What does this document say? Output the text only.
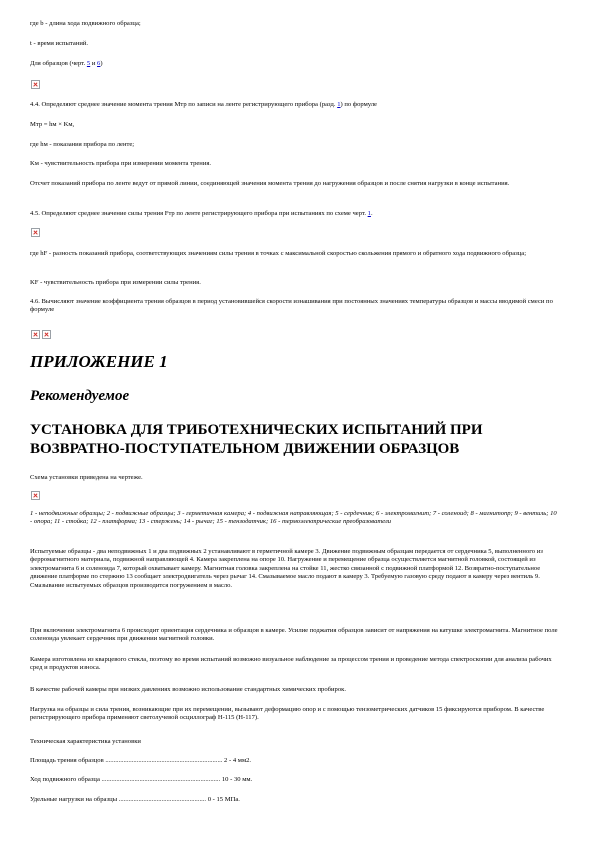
где b - длина хода подвижного образца;
t - время испытаний.
Для образцов (черт. 5 и 6)
4.4. Определяют среднее значение момента трения Mтр по записи на ленте регистрирующего прибора (разд. 1) по формуле
Mтр = hм × Kм,
где hм - показания прибора по ленте;
Kм - чувствительность прибора при измерении момента трения.
Отсчет показаний прибора по ленте ведут от прямой линии, соединяющей значения момента трения до нагружения образцов и после снятия нагрузки в конце испытания.
4.5. Определяют среднее значение силы трения Fтр по ленте регистрирующего прибора при испытаниях по схеме черт. 1.
где hF - разность показаний прибора, соответствующих значениям силы трения в точках с максимальной скоростью скольжения прямого и обратного хода подвижного образца;
KF - чувствительность прибора при измерении силы трения.
4.6. Вычисляют значение коэффициента трения образцов в период установившейся скорости изнашивания при постоянных значениях температуры образцов и массы вводимой смеси по формуле
ПРИЛОЖЕНИЕ 1
Рекомендуемое
УСТАНОВКА ДЛЯ ТРИБОТЕХНИЧЕСКИХ ИСПЫТАНИЙ ПРИ ВОЗВРАТНО-ПОСТУПАТЕЛЬНОМ ДВИЖЕНИИ ОБРАЗЦОВ
Схема установки приведена на чертеже.
1 - неподвижные образцы; 2 - подвижные образцы; 3 - герметичная камера; 4 - подвижная направляющая; 5 - сердечник; 6 - электромагнит; 7 - соленоид; 8 - магнитопр; 9 - вентиль; 10 - опора; 11 - стойка; 12 - платформа; 13 - стержень; 14 - рычаг; 15 - тензодатчик; 16 - термоэлектрические преобразователи
Испытуемые образцы - два неподвижных 1 и два подвижных 2 устанавливают в герметичной камере 3. Движение подвижным образцам передается от сердечника 5, выполненного из ферромагнитного материала, подвижной направляющей 4. Камера закреплена на опоре 10. Нагружение и перемещение образца осуществляется магнитной головкой, состоящей из электромагнита 6 и соленоида 7, который охватывает камеру. Магнитная головка закреплена на стойке 11, жестко связанной с подвижной платформой 12. Возвратно-поступательное движение платформе по стержню 13 сообщает электродвигатель через рычаг 14. Смазываемое масло подают в камеру 3. Требуемую газовую среду подают в камеру через вентиль 9. Смазывание испытуемых образцов производится погружением в масло.
При включении электромагнита 6 происходит ориентация сердечника и образцов в камере. Усилие поджатия образцов зависит от напряжения на катушке электромагнита. Магнитное поле соленоида увлекает сердечник при движении магнитной головки.
Камера изготовлена из кварцевого стекла, поэтому во время испытаний возможно визуальное наблюдение за процессом трения и проведение метода спектроскопии для анализа рабочих сред и продуктов износа.
В качестве рабочей камеры при низких давлениях возможно использование стандартных химических пробирок.
Нагрузка на образцы и сила трения, возникающие при их перемещении, вызывают деформацию опор и с помощью тензометрических датчиков 15 фиксируются прибором. В качестве регистрирующего прибора применяют светолучевой осциллограф Н-115 (Н-117).
Техническая характеристика установки
Площадь трения образцов ....................................................................... 2 - 4 мм2.
Ход подвижного образца ........................................................................ 10 - 30 мм.
Удельные нагрузки на образцы ..................................................... 0 - 15 МПа.
